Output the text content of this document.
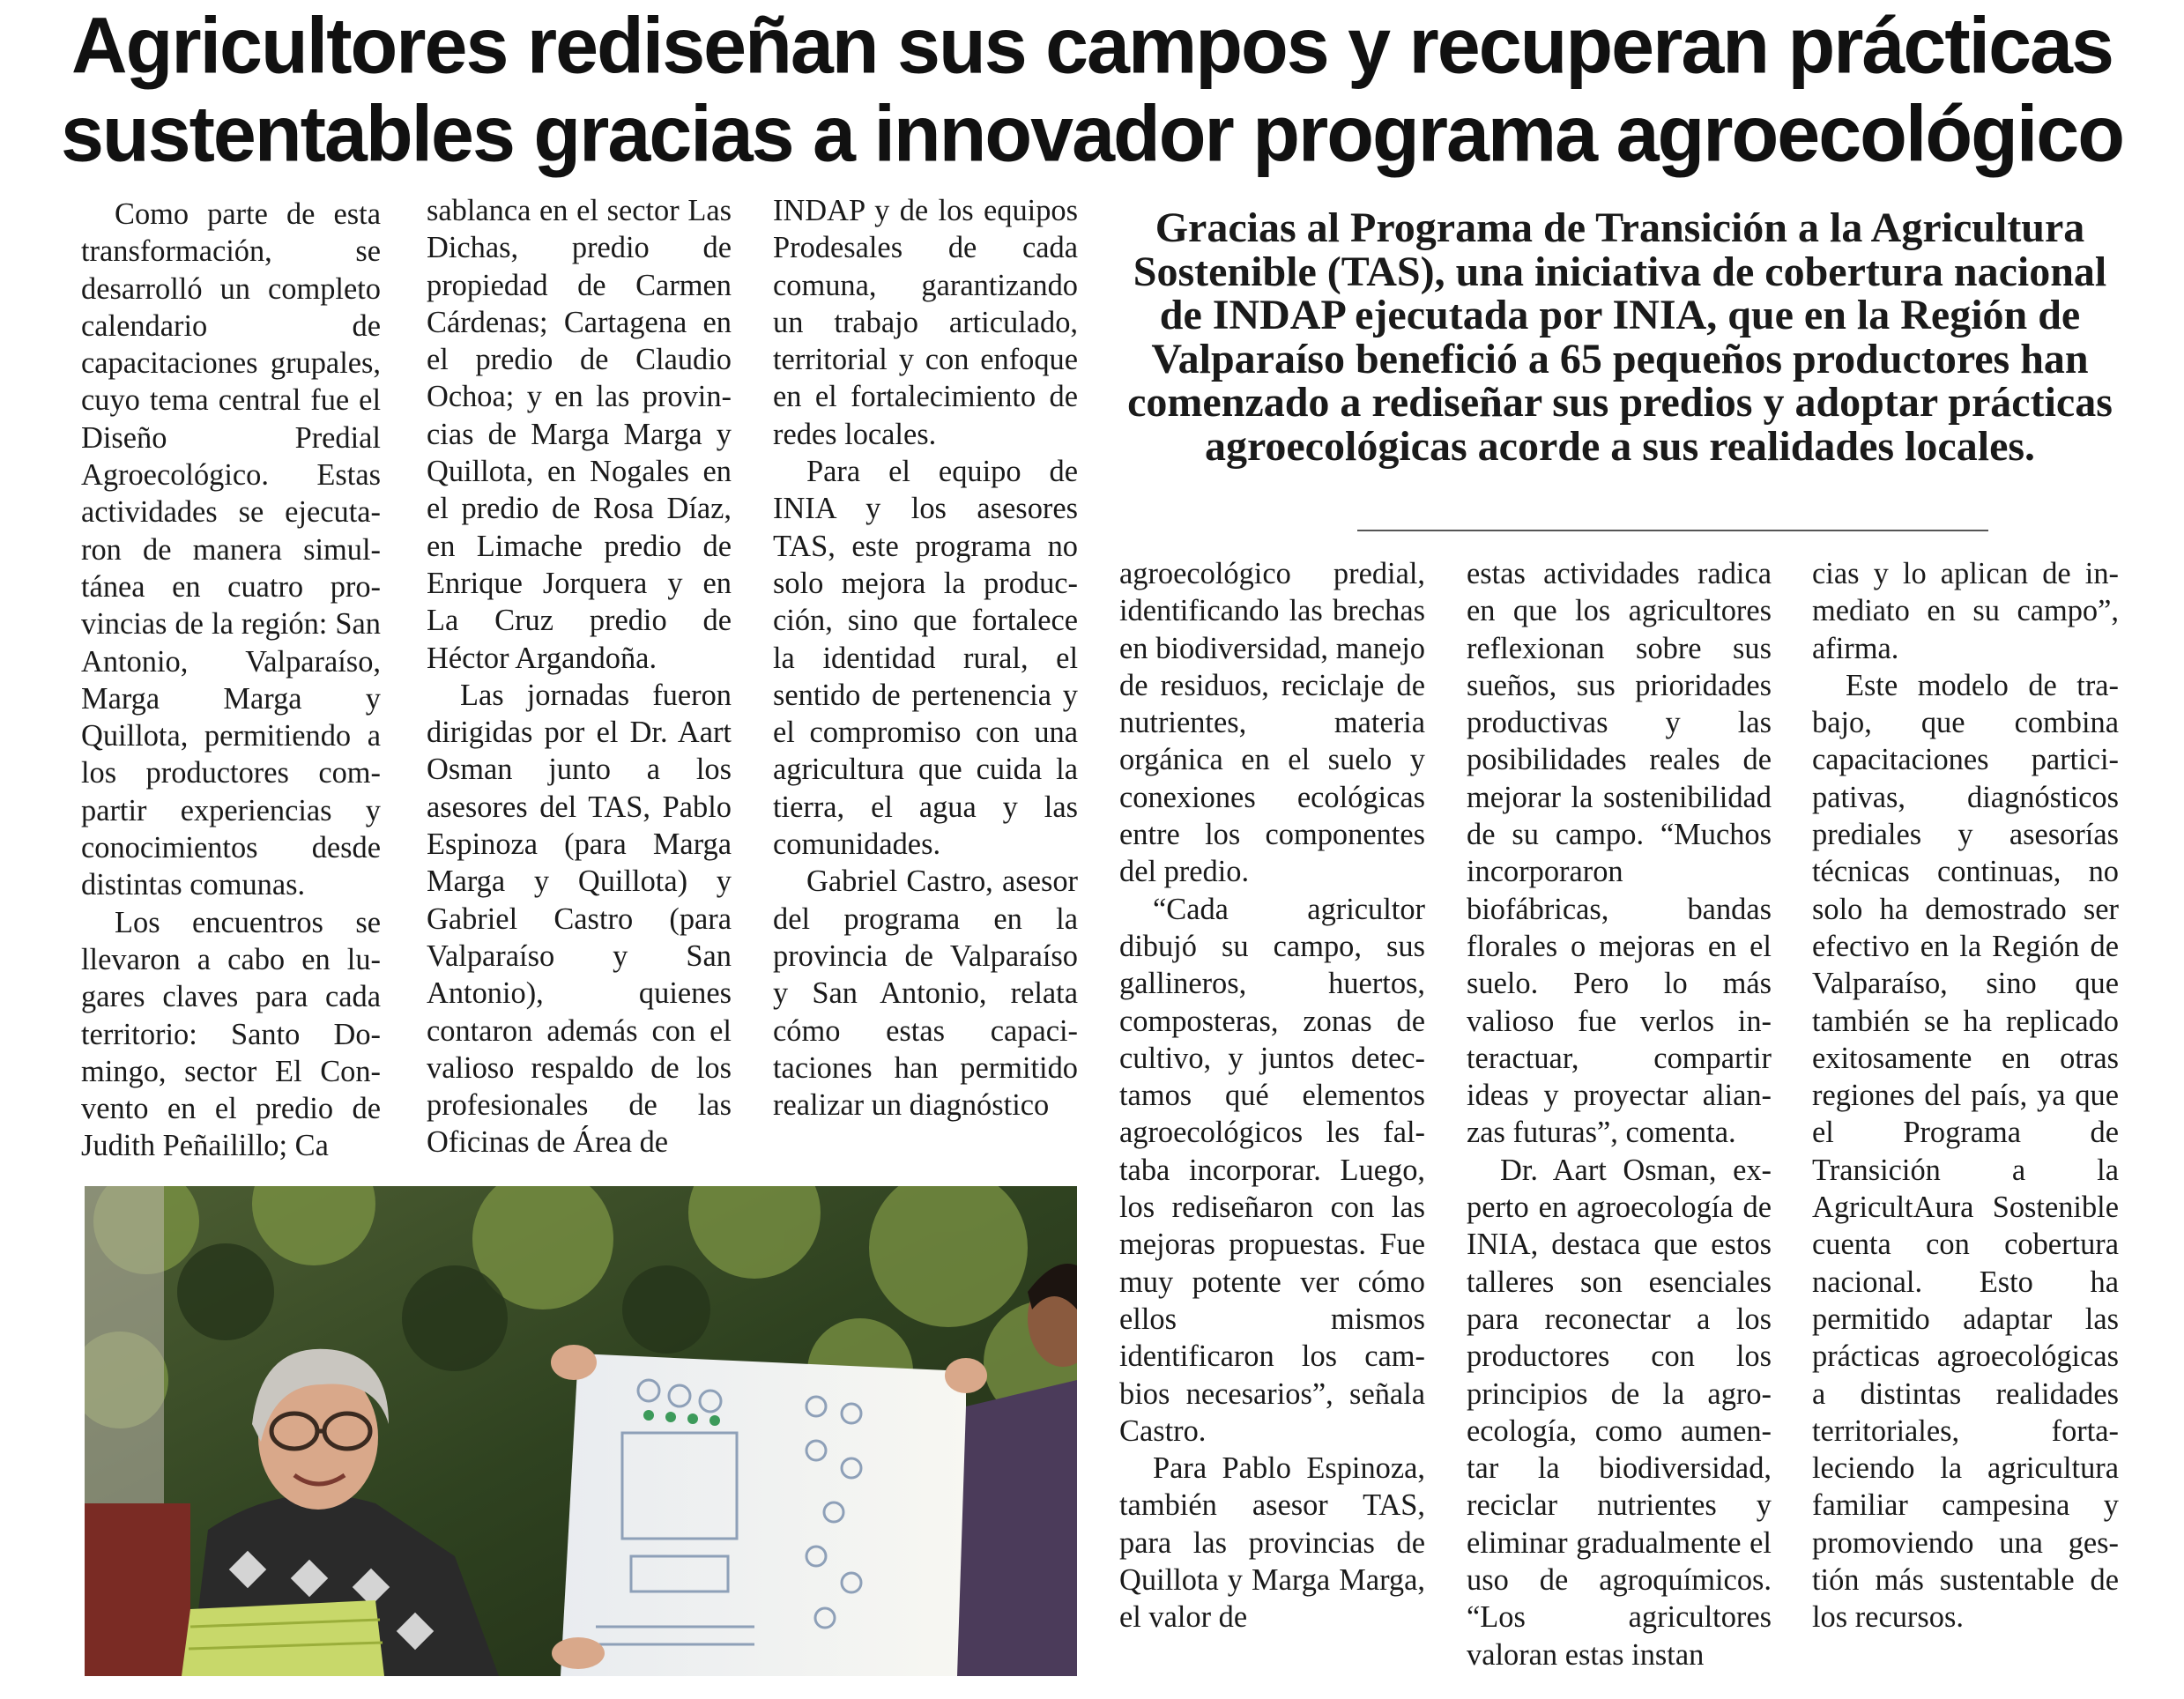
Agricultores rediseñan sus campos y recuperan prácticas
sustentables gracias a innovador programa agroecológico

Como parte de esta transformación, se desarrolló un completo calendario de capacitaciones grupales, cuyo tema central fue el Diseño Predial Agroecológico. Estas actividades se ejecutaron de manera simultánea en cuatro provincias de la región: San Antonio, Valparaíso, Marga Marga y Quillota, permitiendo a los productores compartir experiencias y conocimientos desde distintas comunas.

Los encuentros se llevaron a cabo en lugares claves para cada territorio: Santo Domingo, sector El Convento en el predio de Judith Peñailillo; Ca

sablanca en el sector Las Dichas, predio de propiedad de Carmen Cárdenas; Cartagena en el predio de Claudio Ochoa; y en las provincias de Marga Marga y Quillota, en Nogales en el predio de Rosa Díaz, en Limache predio de Enrique Jorquera y en La Cruz predio de Héctor Argandoña.

Las jornadas fueron dirigidas por el Dr. Aart Osman junto a los asesores del TAS, Pablo Espinoza (para Marga Marga y Quillota) y Gabriel Castro (para Valparaíso y San Antonio), quienes contaron además con el valioso respaldo de los profesionales de las Oficinas de Área de

INDAP y de los equipos Prodesales de cada comuna, garantizando un trabajo articulado, territorial y con enfoque en el fortalecimiento de redes locales.

Para el equipo de INIA y los asesores TAS, este programa no solo mejora la producción, sino que fortalece la identidad rural, el sentido de pertenencia y el compromiso con una agricultura que cuida la tierra, el agua y las comunidades.

Gabriel Castro, asesor del programa en la provincia de Valparaíso y San Antonio, relata cómo estas capacitaciones han permitido realizar un diagnóstico

Gracias al Programa de Transición a la Agricultura Sostenible (TAS), una iniciativa de cobertura nacional de INDAP ejecutada por INIA, que en la Región de Valparaíso benefició a 65 pequeños productores han comenzado a rediseñar sus predios y adoptar prácticas agroecológicas acorde a sus realidades locales.

agroecológico predial, identificando las brechas en biodiversidad, manejo de residuos, reciclaje de nutrientes, materia orgánica en el suelo y conexiones ecológicas entre los componentes del predio.

“Cada agricultor dibujó su campo, sus gallineros, huertos, composteras, zonas de cultivo, y juntos detectamos qué elementos agroecológicos les faltaba incorporar. Luego, los rediseñaron con las mejoras propuestas. Fue muy potente ver cómo ellos mismos identificaron los cambios necesarios”, señala Castro.

Para Pablo Espinoza, también asesor TAS, para las provincias de Quillota y Marga Marga, el valor de

estas actividades radica en que los agricultores reflexionan sobre sus sueños, sus prioridades productivas y las posibilidades reales de mejorar la sostenibilidad de su campo. “Muchos incorporaron biofábricas, bandas florales o mejoras en el suelo. Pero lo más valioso fue verlos interactuar, compartir ideas y proyectar alianzas futuras”, comenta.

Dr. Aart Osman, experto en agroecología de INIA, destaca que estos talleres son esenciales para reconectar a los productores con los principios de la agroecología, como aumentar la biodiversidad, reciclar nutrientes y eliminar gradualmente el uso de agroquímicos. “Los agricultores valoran estas instan

cias y lo aplican de inmediato en su campo”, afirma.

Este modelo de trabajo, que combina capacitaciones participativas, diagnósticos prediales y asesorías técnicas continuas, no solo ha demostrado ser efectivo en la Región de Valparaíso, sino que también se ha replicado exitosamente en otras regiones del país, ya que el Programa de Transición a la AgricultAura Sostenible cuenta con cobertura nacional. Esto ha permitido adaptar las prácticas agroecológicas a distintas realidades territoriales, fortaleciendo la agricultura familiar campesina y promoviendo una gestión más sustentable de los recursos.
